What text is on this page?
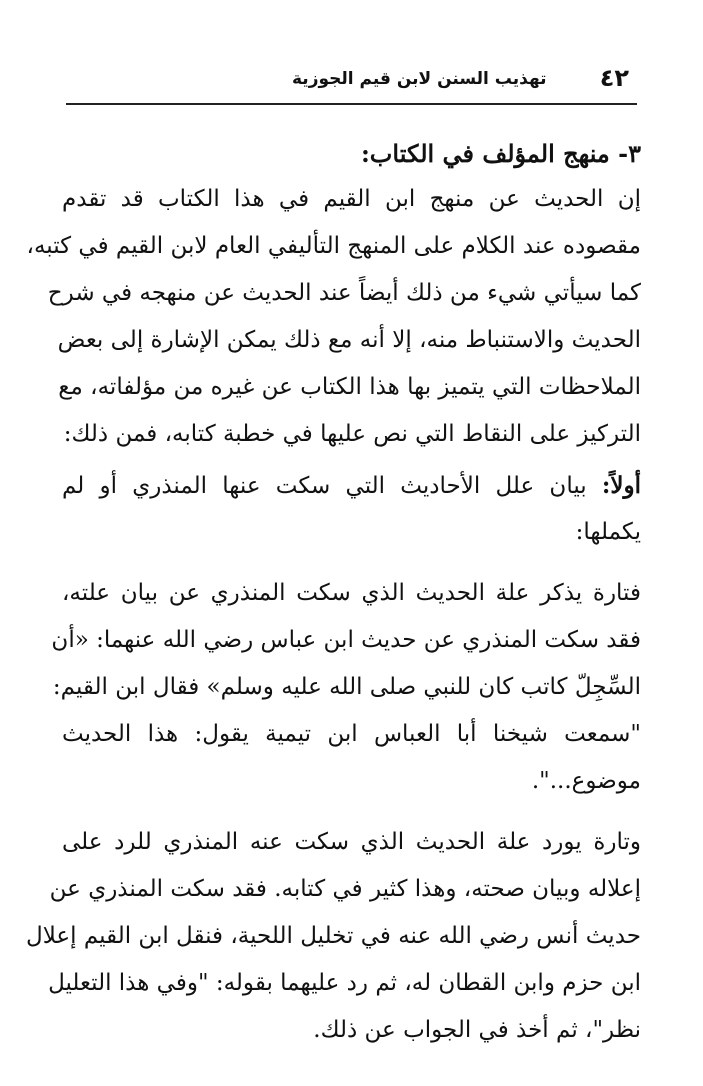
٤٢
تهذيب السنن لابن قيم الجوزية
٣- منهج المؤلف في الكتاب:
إن الحديث عن منهج ابن القيم في هذا الكتاب قد تقدم
مقصوده عند الكلام على المنهج التأليفي العام لابن القيم في كتبه،
كما سيأتي شيء من ذلك أيضاً عند الحديث عن منهجه في شرح
الحديث والاستنباط منه، إلا أنه مع ذلك يمكن الإشارة إلى بعض
الملاحظات التي يتميز بها هذا الكتاب عن غيره من مؤلفاته، مع
التركيز على النقاط التي نص عليها في خطبة كتابه، فمن ذلك:
أولاً: بيان علل الأحاديث التي سكت عنها المنذري أو لم
يكملها:
فتارة يذكر علة الحديث الذي سكت المنذري عن بيان علته،
فقد سكت المنذري عن حديث ابن عباس رضي الله عنهما: «أن
السِّجِلّ كاتب كان للنبي صلى الله عليه وسلم» فقال ابن القيم:
"سمعت شيخنا أبا العباس ابن تيمية يقول: هذا الحديث
موضوع...".
وتارة يورد علة الحديث الذي سكت عنه المنذري للرد على
إعلاله وبيان صحته، وهذا كثير في كتابه. فقد سكت المنذري عن
حديث أنس رضي الله عنه في تخليل اللحية، فنقل ابن القيم إعلال
ابن حزم وابن القطان له، ثم رد عليهما بقوله: "وفي هذا التعليل
نظر"، ثم أخذ في الجواب عن ذلك.
